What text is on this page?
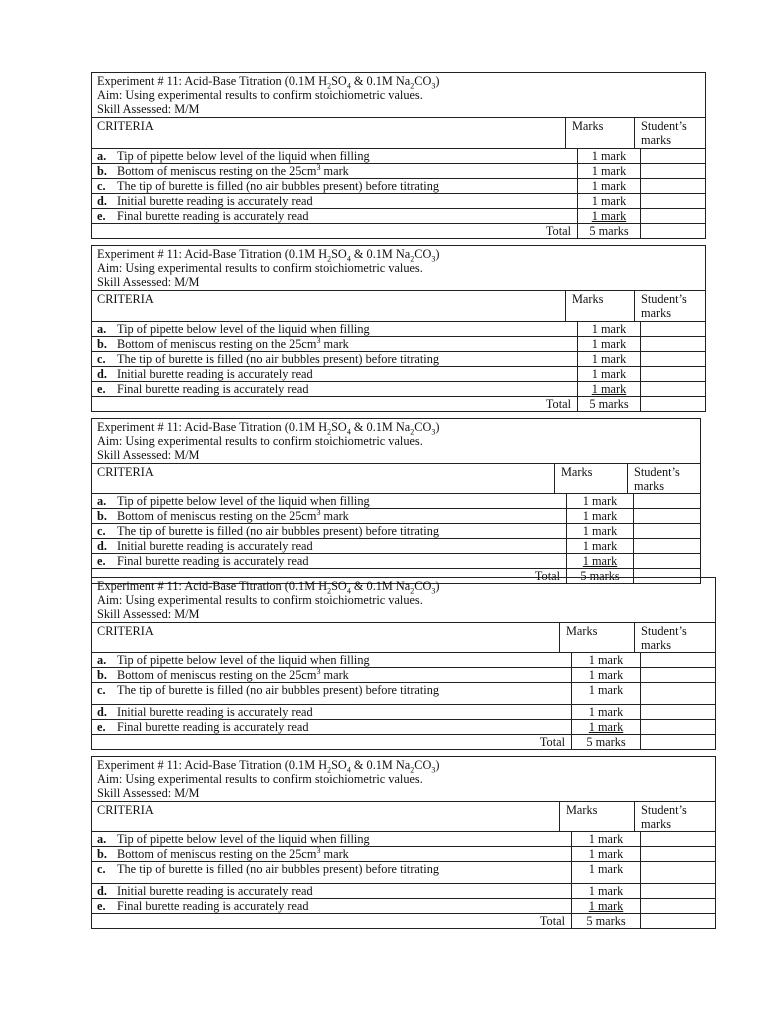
Experiment # 11: Acid-Base Titration (0.1M $H_2SO_4$ & 0.1M $Na_2CO_3$)
Aim: Using experimental results to confirm stoichiometric values.
Skill Assessed: M/M
CRITERIA	Marks	Student’s marks
a. Tip of pipette below level of the liquid when filling	1 mark
b. Bottom of meniscus resting on the $25cm^3$ mark	1 mark
c. The tip of burette is filled (no air bubbles present) before titrating	1 mark
d. Initial burette reading is accurately read	1 mark
e. Final burette reading is accurately read	1 mark
Total	5 marks
Experiment # 11: Acid-Base Titration (0.1M $H_2SO_4$ & 0.1M $Na_2CO_3$)
Aim: Using experimental results to confirm stoichiometric values.
Skill Assessed: M/M
CRITERIA	Marks	Student’s marks
a. Tip of pipette below level of the liquid when filling	1 mark
b. Bottom of meniscus resting on the $25cm^3$ mark	1 mark
c. The tip of burette is filled (no air bubbles present) before titrating	1 mark
d. Initial burette reading is accurately read	1 mark
e. Final burette reading is accurately read	1 mark
Total	5 marks
Experiment # 11: Acid-Base Titration (0.1M $H_2SO_4$ & 0.1M $Na_2CO_3$)
Aim: Using experimental results to confirm stoichiometric values.
Skill Assessed: M/M
CRITERIA	Marks	Student’s marks
a. Tip of pipette below level of the liquid when filling	1 mark
b. Bottom of meniscus resting on the $25cm^3$ mark	1 mark
c. The tip of burette is filled (no air bubbles present) before titrating	1 mark
d. Initial burette reading is accurately read	1 mark
e. Final burette reading is accurately read	1 mark
Total	5 marks
Experiment # 11: Acid-Base Titration (0.1M $H_2SO_4$ & 0.1M $Na_2CO_3$)
Aim: Using experimental results to confirm stoichiometric values.
Skill Assessed: M/M
CRITERIA	Marks	Student’s marks
a. Tip of pipette below level of the liquid when filling	1 mark
b. Bottom of meniscus resting on the $25cm^3$ mark	1 mark
c. The tip of burette is filled (no air bubbles present) before titrating	1 mark
d. Initial burette reading is accurately read	1 mark
e. Final burette reading is accurately read	1 mark
Total	5 marks
Experiment # 11: Acid-Base Titration (0.1M $H_2SO_4$ & 0.1M $Na_2CO_3$)
Aim: Using experimental results to confirm stoichiometric values.
Skill Assessed: M/M
CRITERIA	Marks	Student’s marks
a. Tip of pipette below level of the liquid when filling	1 mark
b. Bottom of meniscus resting on the $25cm^3$ mark	1 mark
c. The tip of burette is filled (no air bubbles present) before titrating	1 mark
d. Initial burette reading is accurately read	1 mark
e. Final burette reading is accurately read	1 mark
Total	5 marks
